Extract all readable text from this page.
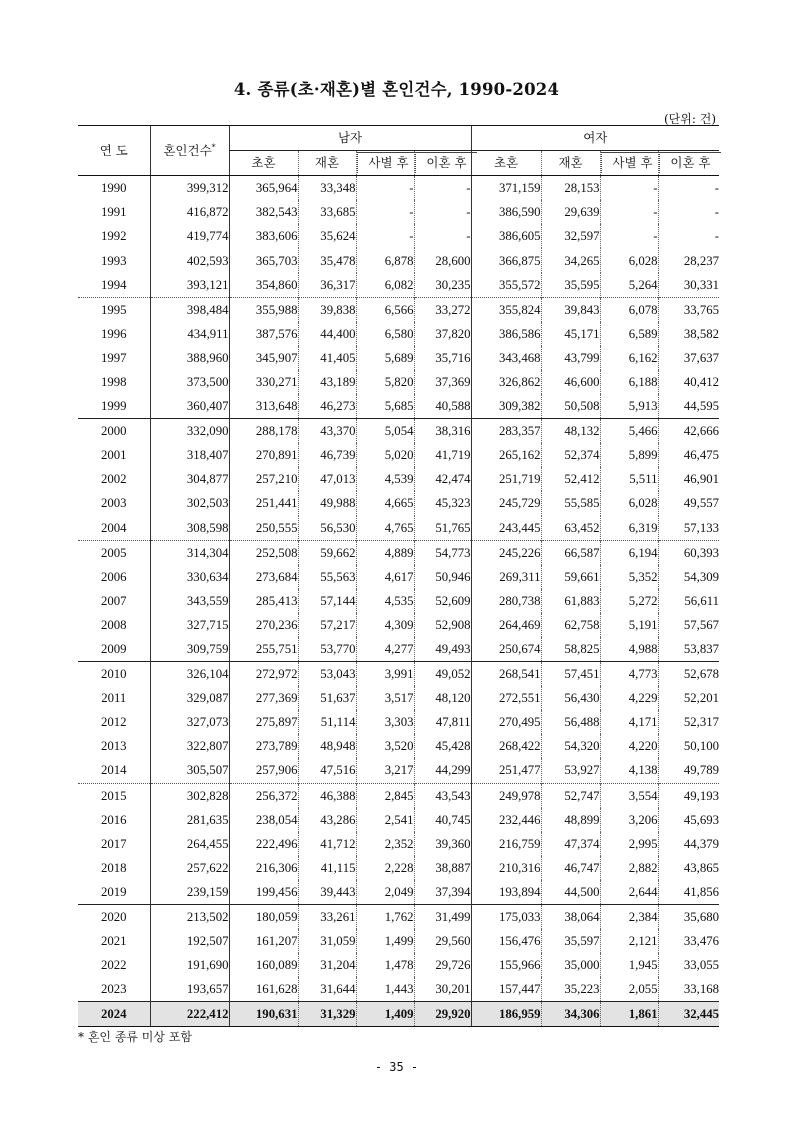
4. 종류(초·재혼)별 혼인건수, 1990-2024
(단위: 건)
연 도	혼인건수*	남자				여자			
		초혼	재혼	사별 후	이혼 후	초혼	재혼	사별 후	이혼 후
1990	399,312	365,964	33,348	-	-	371,159	28,153	-	-
1991	416,872	382,543	33,685	-	-	386,590	29,639	-	-
1992	419,774	383,606	35,624	-	-	386,605	32,597	-	-
1993	402,593	365,703	35,478	6,878	28,600	366,875	34,265	6,028	28,237
1994	393,121	354,860	36,317	6,082	30,235	355,572	35,595	5,264	30,331
1995	398,484	355,988	39,838	6,566	33,272	355,824	39,843	6,078	33,765
1996	434,911	387,576	44,400	6,580	37,820	386,586	45,171	6,589	38,582
1997	388,960	345,907	41,405	5,689	35,716	343,468	43,799	6,162	37,637
1998	373,500	330,271	43,189	5,820	37,369	326,862	46,600	6,188	40,412
1999	360,407	313,648	46,273	5,685	40,588	309,382	50,508	5,913	44,595
2000	332,090	288,178	43,370	5,054	38,316	283,357	48,132	5,466	42,666
2001	318,407	270,891	46,739	5,020	41,719	265,162	52,374	5,899	46,475
2002	304,877	257,210	47,013	4,539	42,474	251,719	52,412	5,511	46,901
2003	302,503	251,441	49,988	4,665	45,323	245,729	55,585	6,028	49,557
2004	308,598	250,555	56,530	4,765	51,765	243,445	63,452	6,319	57,133
2005	314,304	252,508	59,662	4,889	54,773	245,226	66,587	6,194	60,393
2006	330,634	273,684	55,563	4,617	50,946	269,311	59,661	5,352	54,309
2007	343,559	285,413	57,144	4,535	52,609	280,738	61,883	5,272	56,611
2008	327,715	270,236	57,217	4,309	52,908	264,469	62,758	5,191	57,567
2009	309,759	255,751	53,770	4,277	49,493	250,674	58,825	4,988	53,837
2010	326,104	272,972	53,043	3,991	49,052	268,541	57,451	4,773	52,678
2011	329,087	277,369	51,637	3,517	48,120	272,551	56,430	4,229	52,201
2012	327,073	275,897	51,114	3,303	47,811	270,495	56,488	4,171	52,317
2013	322,807	273,789	48,948	3,520	45,428	268,422	54,320	4,220	50,100
2014	305,507	257,906	47,516	3,217	44,299	251,477	53,927	4,138	49,789
2015	302,828	256,372	46,388	2,845	43,543	249,978	52,747	3,554	49,193
2016	281,635	238,054	43,286	2,541	40,745	232,446	48,899	3,206	45,693
2017	264,455	222,496	41,712	2,352	39,360	216,759	47,374	2,995	44,379
2018	257,622	216,306	41,115	2,228	38,887	210,316	46,747	2,882	43,865
2019	239,159	199,456	39,443	2,049	37,394	193,894	44,500	2,644	41,856
2020	213,502	180,059	33,261	1,762	31,499	175,033	38,064	2,384	35,680
2021	192,507	161,207	31,059	1,499	29,560	156,476	35,597	2,121	33,476
2022	191,690	160,089	31,204	1,478	29,726	155,966	35,000	1,945	33,055
2023	193,657	161,628	31,644	1,443	30,201	157,447	35,223	2,055	33,168
2024	222,412	190,631	31,329	1,409	29,920	186,959	34,306	1,861	32,445
* 혼인 종류 미상 포함
- 35 -
